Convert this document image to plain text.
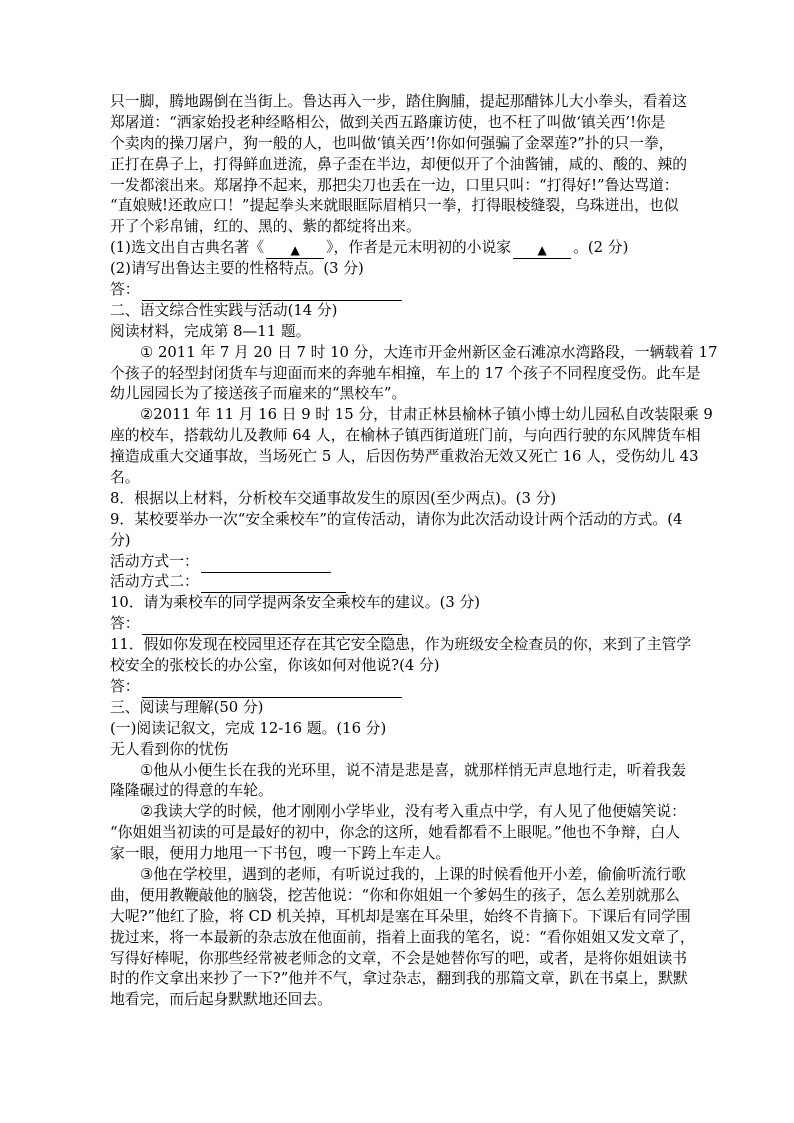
只一脚，腾地踢倒在当街上。鲁达再入一步，踏住胸脯，提起那醋钵儿大小拳头，看着这
郑屠道：“洒家始投老种经略相公，做到关西五路廉访使，也不枉了叫做‘镇关西’!你是
个卖肉的操刀屠户，狗一般的人，也叫做‘镇关西’!你如何强骗了金翠莲?”扑的只一拳，
正打在鼻子上，打得鲜血迸流，鼻子歪在半边，却便似开了个油酱铺，咸的、酸的、辣的
一发都滚出来。郑屠挣不起来，那把尖刀也丢在一边，口里只叫：“打得好!”鲁达骂道：
“直娘贼!还敢应口！”提起拳头来就眼眶际眉梢只一拳，打得眼棱缝裂，乌珠迸出，也似
开了个彩帛铺，红的、黑的、紫的都绽将出来。
(1)选文出自古典名著《 ▲ 》，作者是元末明初的小说家 ▲ 。(2 分)
(2)请写出鲁达主要的性格特点。(3 分)
答：
二、语文综合性实践与活动(14 分)
阅读材料，完成第 8—11 题。
① 2011 年 7 月 20 日 7 时 10 分，大连市开金州新区金石滩凉水湾路段，一辆载着 17
个孩子的轻型封闭货车与迎面而来的奔驰车相撞，车上的 17 个孩子不同程度受伤。此车是
幼儿园园长为了接送孩子而雇来的“黑校车”。
②2011 年 11 月 16 日 9 时 15 分，甘肃正林县榆林子镇小博士幼儿园私自改装限乘 9
座的校车，搭载幼儿及教师 64 人，在榆林子镇西街道班门前，与向西行驶的东风牌货车相
撞造成重大交通事故，当场死亡 5 人，后因伤势严重救治无效又死亡 16 人，受伤幼儿 43
名。
8．根据以上材料，分析校车交通事故发生的原因(至少两点)。(3 分)
9．某校要举办一次“安全乘校车”的宣传活动，请你为此次活动设计两个活动的方式。(4
分)
活动方式一：
活动方式二：
10．请为乘校车的同学提两条安全乘校车的建议。(3 分)
答：
11．假如你发现在校园里还存在其它安全隐患，作为班级安全检查员的你，来到了主管学
校安全的张校长的办公室，你该如何对他说?(4 分)
答：
三、阅读与理解(50 分)
(一)阅读记叙文，完成 12-16 题。(16 分)
无人看到你的忧伤
①他从小便生长在我的光环里，说不清是悲是喜，就那样悄无声息地行走，听着我轰
隆隆碾过的得意的车轮。
②我读大学的时候，他才刚刚小学毕业，没有考入重点中学，有人见了他便嬉笑说：
“你姐姐当初读的可是最好的初中，你念的这所，她看都看不上眼呢。”他也不争辩，白人
家一眼，便用力地甩一下书包，嗖一下跨上车走人。
③他在学校里，遇到的老师，有听说过我的，上课的时候看他开小差，偷偷听流行歌
曲，便用教鞭敲他的脑袋，挖苦他说：“你和你姐姐一个爹妈生的孩子，怎么差别就那么
大呢?”他红了脸，将 CD 机关掉，耳机却是塞在耳朵里，始终不肯摘下。下课后有同学围
拢过来，将一本最新的杂志放在他面前，指着上面我的笔名，说：“看你姐姐又发文章了，
写得好棒呢，你那些经常被老师念的文章，不会是她替你写的吧，或者，是将你姐姐读书
时的作文拿出来抄了一下?”他并不气，拿过杂志，翻到我的那篇文章，趴在书桌上，默默
地看完，而后起身默默地还回去。
